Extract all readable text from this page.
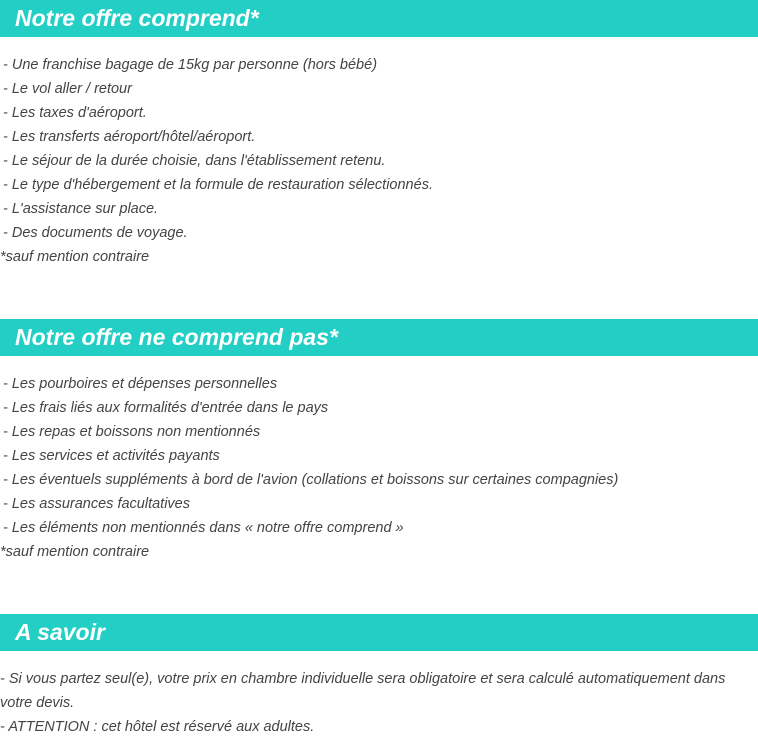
Notre offre comprend*
- Une franchise bagage de 15kg par personne (hors bébé)
- Le vol aller / retour
- Les taxes d'aéroport.
- Les transferts aéroport/hôtel/aéroport.
- Le séjour de la durée choisie, dans l'établissement retenu.
- Le type d'hébergement et la formule de restauration sélectionnés.
- L'assistance sur place.
- Des documents de voyage.
*sauf mention contraire
Notre offre ne comprend pas*
- Les pourboires et dépenses personnelles
- Les frais liés aux formalités d'entrée dans le pays
- Les repas et boissons non mentionnés
- Les services et activités payants
- Les éventuels suppléments à bord de l'avion (collations et boissons sur certaines compagnies)
- Les assurances facultatives
- Les éléments non mentionnés dans « notre offre comprend »
*sauf mention contraire
A savoir
- Si vous partez seul(e), votre prix en chambre individuelle sera obligatoire et sera calculé automatiquement dans votre devis.
- ATTENTION : cet hôtel est réservé aux adultes.
